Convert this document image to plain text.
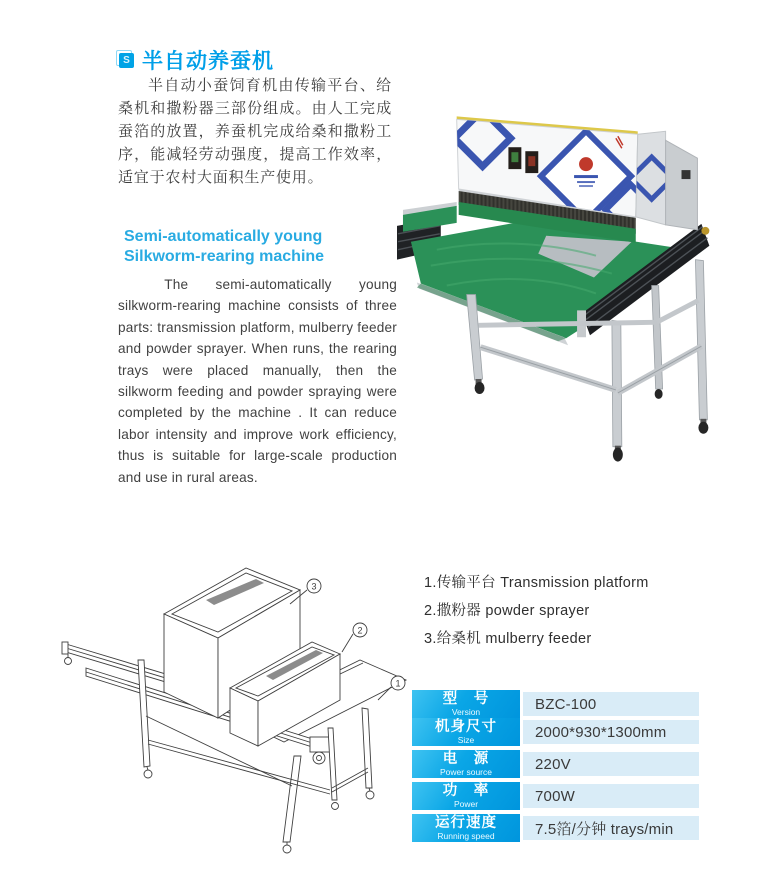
S 半自动养蚕机

半自动小蚕饲育机由传输平台、给桑机和撒粉器三部份组成。由人工完成蚕箔的放置，养蚕机完成给桑和撒粉工序，能减轻劳动强度，提高工作效率，适宜于农村大面积生产使用。

Semi-automatically young
Silkworm-rearing machine

The semi-automatically young silkworm-rearing machine consists of three parts: transmission platform, mulberry feeder and powder sprayer. When runs, the rearing trays were placed manually, then the silkworm feeding and powder spraying were completed by the machine . It can reduce labor intensity and improve work efficiency, thus is suitable for large-scale production and use in rural areas.

3
2
1
1.传输平台 Transmission platform
2.撒粉器 powder sprayer
3.给桑机 mulberry feeder
型　号
Version	BZC-100
机身尺寸
Size	2000*930*1300mm
电　源
Power source	220V
功　率
Power	700W
运行速度
Running speed	7.5箔/分钟 trays/min
